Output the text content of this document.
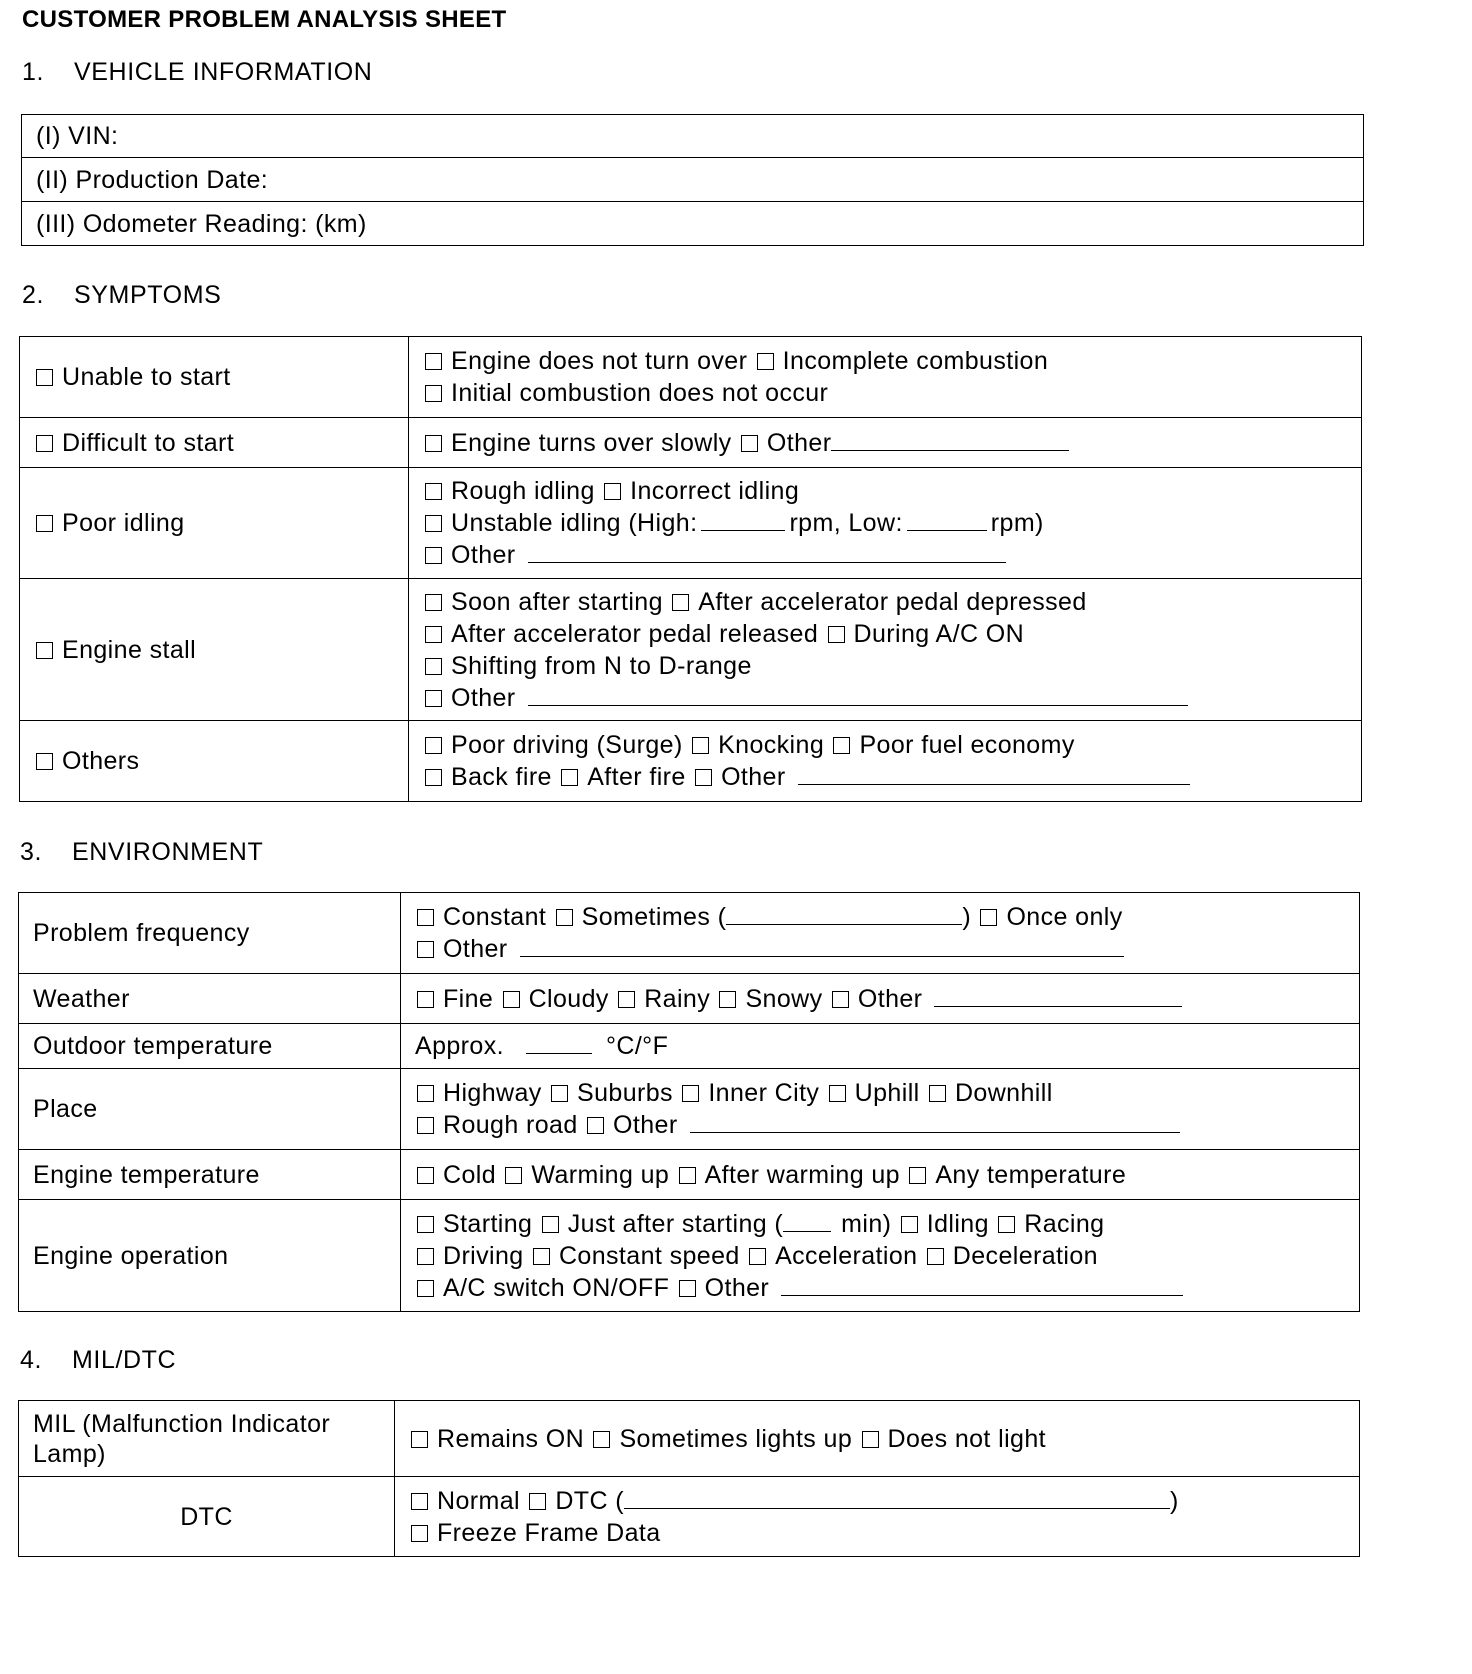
CUSTOMER PROBLEM ANALYSIS SHEET
1. VEHICLE INFORMATION
(I) VIN:
(II) Production Date:
(III) Odometer Reading: (km)
2. SYMPTOMS
Unable to start	Engine does not turn over Incomplete combustion
Initial combustion does not occur

Difficult to start	Engine turns over slowly Other

Poor idling	Rough idling Incorrect idling
Unstable idling (High: rpm, Low: rpm)
Other

Engine stall	Soon after starting After accelerator pedal depressed
After accelerator pedal released During A/C ON
Shifting from N to D-range
Other

Others	Poor driving (Surge) Knocking Poor fuel economy
Back fire After fire Other
3. ENVIRONMENT
Problem frequency	Constant Sometimes ( ) Once only
Other

Weather	Fine Cloudy Rainy Snowy Other

Outdoor temperature	Approx. °C/°F

Place	Highway Suburbs Inner City Uphill Downhill
Rough road Other

Engine temperature	Cold Warming up After warming up Any temperature

Engine operation	Starting Just after starting ( min) Idling Racing
Driving Constant speed Acceleration Deceleration
A/C switch ON/OFF Other
4. MIL/DTC
MIL (Malfunction Indicator Lamp)	Remains ON Sometimes lights up Does not light

DTC	Normal DTC ( )
Freeze Frame Data
